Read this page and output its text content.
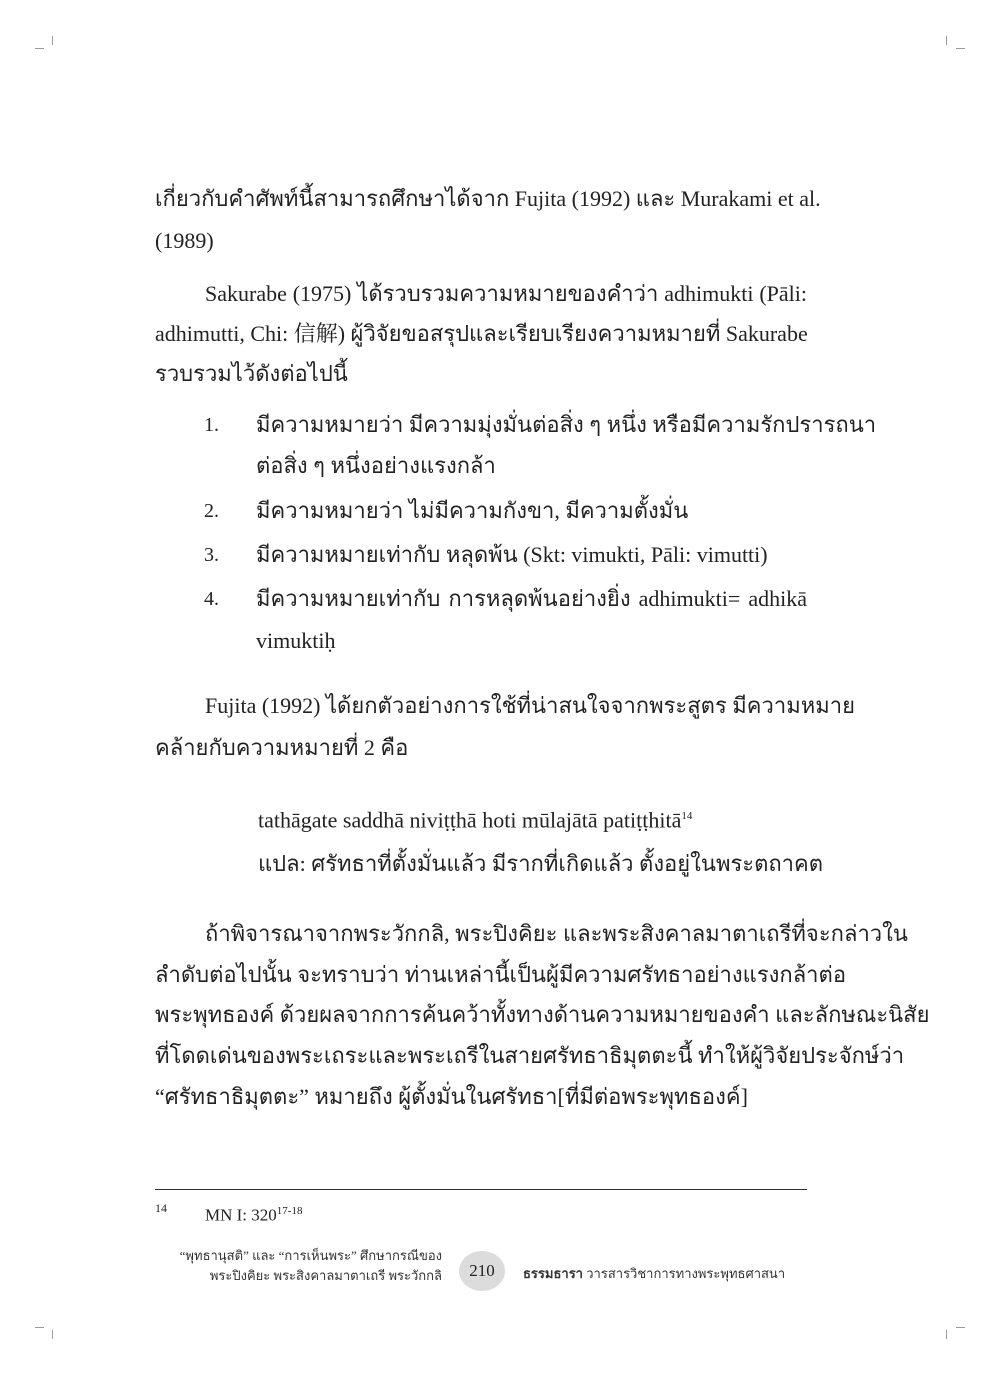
เกี่ยวกับคำศัพท์นี้สามารถศึกษาได้จาก Fujita (1992) และ Murakami et al.
(1989)
Sakurabe (1975) ได้รวบรวมความหมายของคำว่า adhimukti (Pāli:
adhimutti, Chi: 信解) ผู้วิจัยขอสรุปและเรียบเรียงความหมายที่ Sakurabe
รวบรวมไว้ดังต่อไปนี้
1. มีความหมายว่า มีความมุ่งมั่นต่อสิ่ง ๆ หนึ่ง หรือมีความรักปรารถนา
ต่อสิ่ง ๆ หนึ่งอย่างแรงกล้า
2. มีความหมายว่า ไม่มีความกังขา, มีความตั้งมั่น
3. มีความหมายเท่ากับ หลุดพ้น (Skt: vimukti, Pāli: vimutti)
4. มีความหมายเท่ากับ การหลุดพ้นอย่างยิ่ง adhimukti= adhikā
vimuktiḥ
Fujita (1992) ได้ยกตัวอย่างการใช้ที่น่าสนใจจากพระสูตร มีความหมาย
คล้ายกับความหมายที่ 2 คือ
tathāgate saddhā niviṭṭhā hoti mūlajātā patiṭṭhitā$^{14}$
แปล: ศรัทธาที่ตั้งมั่นแล้ว มีรากที่เกิดแล้ว ตั้งอยู่ในพระตถาคต
ถ้าพิจารณาจากพระวักกลิ, พระปิงคิยะ และพระสิงคาลมาตาเถรีที่จะกล่าวใน
ลำดับต่อไปนั้น จะทราบว่า ท่านเหล่านี้เป็นผู้มีความศรัทธาอย่างแรงกล้าต่อ
พระพุทธองค์ ด้วยผลจากการค้นคว้าทั้งทางด้านความหมายของคำ และลักษณะนิสัย
ที่โดดเด่นของพระเถระและพระเถรีในสายศรัทธาธิมุตตะนี้ ทำให้ผู้วิจัยประจักษ์ว่า
“ศรัทธาธิมุตตะ” หมายถึง ผู้ตั้งมั่นในศรัทธา[ที่มีต่อพระพุทธองค์]
14 MN I: 320$^{17-18}$
“พุทธานุสติ” และ “การเห็นพระ” ศึกษากรณีของ
พระปิงคิยะ พระสิงคาลมาตาเถรี พระวักกลิ	210	ธรรมธารา วารสารวิชาการทางพระพุทธศาสนา
